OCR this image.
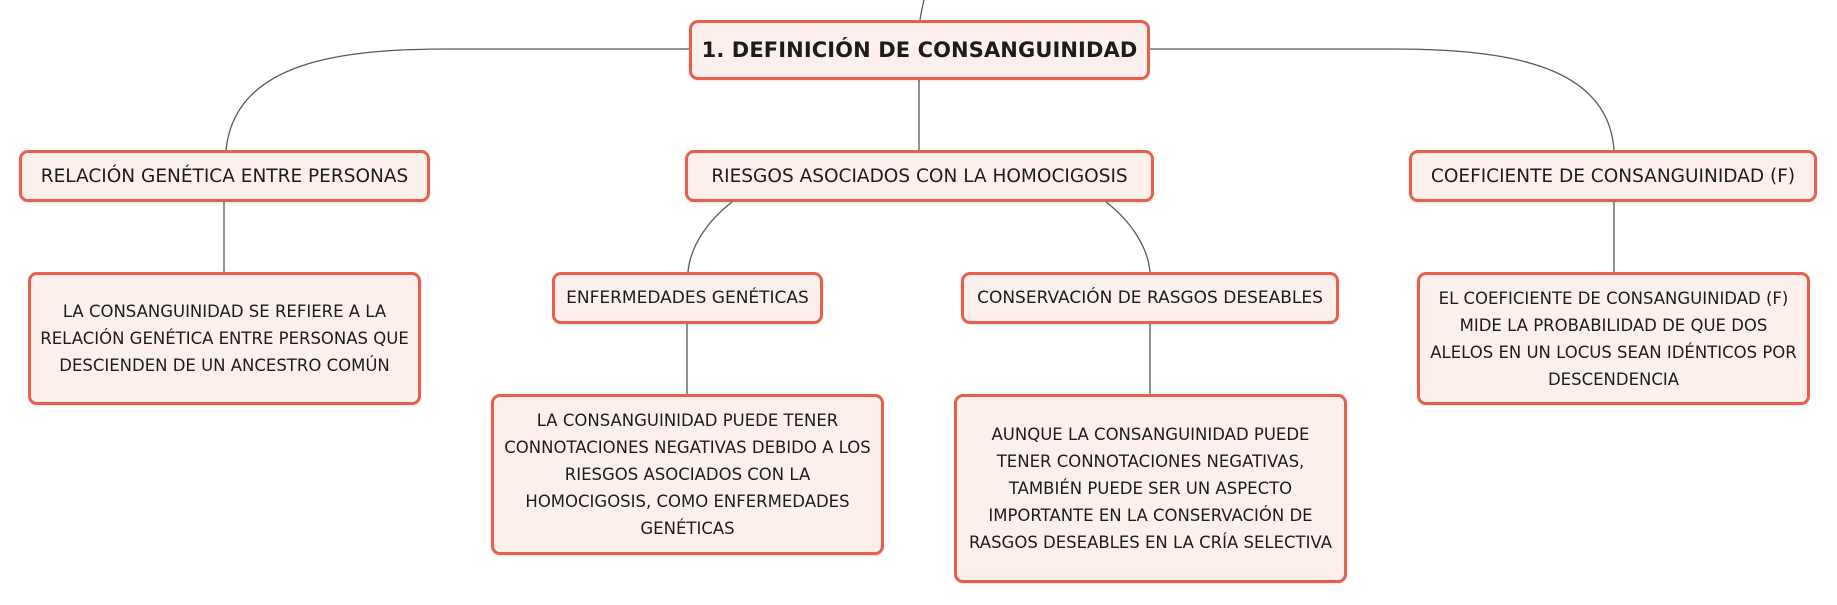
1. DEFINICIÓN DE CONSANGUINIDAD
RELACIÓN GENÉTICA ENTRE PERSONAS	RIESGOS ASOCIADOS CON LA HOMOCIGOSIS	COEFICIENTE DE CONSANGUINIDAD (F)
LA CONSANGUINIDAD SE REFIERE A LA RELACIÓN GENÉTICA ENTRE PERSONAS QUE DESCIENDEN DE UN ANCESTRO COMÚN
ENFERMEDADES GENÉTICAS	CONSERVACIÓN DE RASGOS DESEABLES	EL COEFICIENTE DE CONSANGUINIDAD (F) MIDE LA PROBABILIDAD DE QUE DOS ALELOS EN UN LOCUS SEAN IDÉNTICOS POR DESCENDENCIA
LA CONSANGUINIDAD PUEDE TENER CONNOTACIONES NEGATIVAS DEBIDO A LOS RIESGOS ASOCIADOS CON LA HOMOCIGOSIS, COMO ENFERMEDADES GENÉTICAS
AUNQUE LA CONSANGUINIDAD PUEDE TENER CONNOTACIONES NEGATIVAS, TAMBIÉN PUEDE SER UN ASPECTO IMPORTANTE EN LA CONSERVACIÓN DE RASGOS DESEABLES EN LA CRÍA SELECTIVA
